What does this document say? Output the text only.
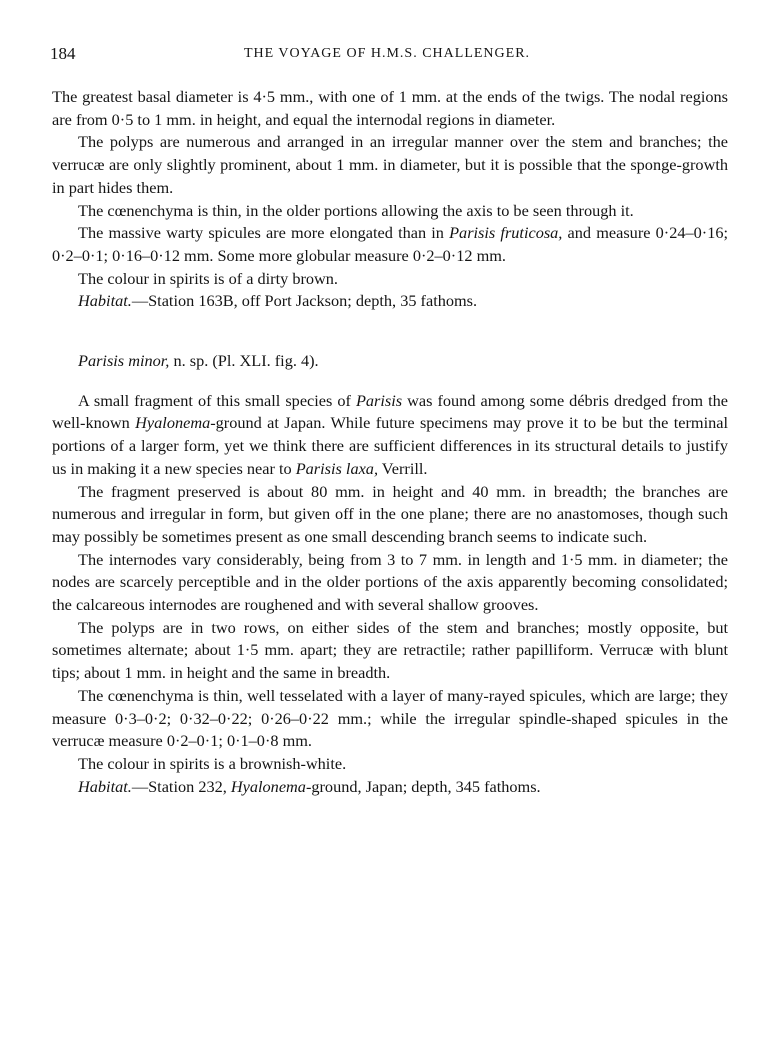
184	THE VOYAGE OF H.M.S. CHALLENGER.

The greatest basal diameter is 4·5 mm., with one of 1 mm. at the ends of the twigs. The nodal regions are from 0·5 to 1 mm. in height, and equal the internodal regions in diameter.

The polyps are numerous and arranged in an irregular manner over the stem and branches; the verrucæ are only slightly prominent, about 1 mm. in diameter, but it is possible that the sponge-growth in part hides them.

The cœnenchyma is thin, in the older portions allowing the axis to be seen through it.

The massive warty spicules are more elongated than in Parisis fruticosa, and measure 0·24–0·16; 0·2–0·1; 0·16–0·12 mm. Some more globular measure 0·2–0·12 mm.

The colour in spirits is of a dirty brown.

Habitat.—Station 163B, off Port Jackson; depth, 35 fathoms.

Parisis minor, n. sp. (Pl. XLI. fig. 4).

A small fragment of this small species of Parisis was found among some débris dredged from the well-known Hyalonema-ground at Japan. While future specimens may prove it to be but the terminal portions of a larger form, yet we think there are sufficient differences in its structural details to justify us in making it a new species near to Parisis laxa, Verrill.

The fragment preserved is about 80 mm. in height and 40 mm. in breadth; the branches are numerous and irregular in form, but given off in the one plane; there are no anastomoses, though such may possibly be sometimes present as one small descending branch seems to indicate such.

The internodes vary considerably, being from 3 to 7 mm. in length and 1·5 mm. in diameter; the nodes are scarcely perceptible and in the older portions of the axis apparently becoming consolidated; the calcareous internodes are roughened and with several shallow grooves.

The polyps are in two rows, on either sides of the stem and branches; mostly opposite, but sometimes alternate; about 1·5 mm. apart; they are retractile; rather papilliform. Verrucæ with blunt tips; about 1 mm. in height and the same in breadth.

The cœnenchyma is thin, well tesselated with a layer of many-rayed spicules, which are large; they measure 0·3–0·2; 0·32–0·22; 0·26–0·22 mm.; while the irregular spindle-shaped spicules in the verrucæ measure 0·2–0·1; 0·1–0·8 mm.

The colour in spirits is a brownish-white.

Habitat.—Station 232, Hyalonema-ground, Japan; depth, 345 fathoms.
